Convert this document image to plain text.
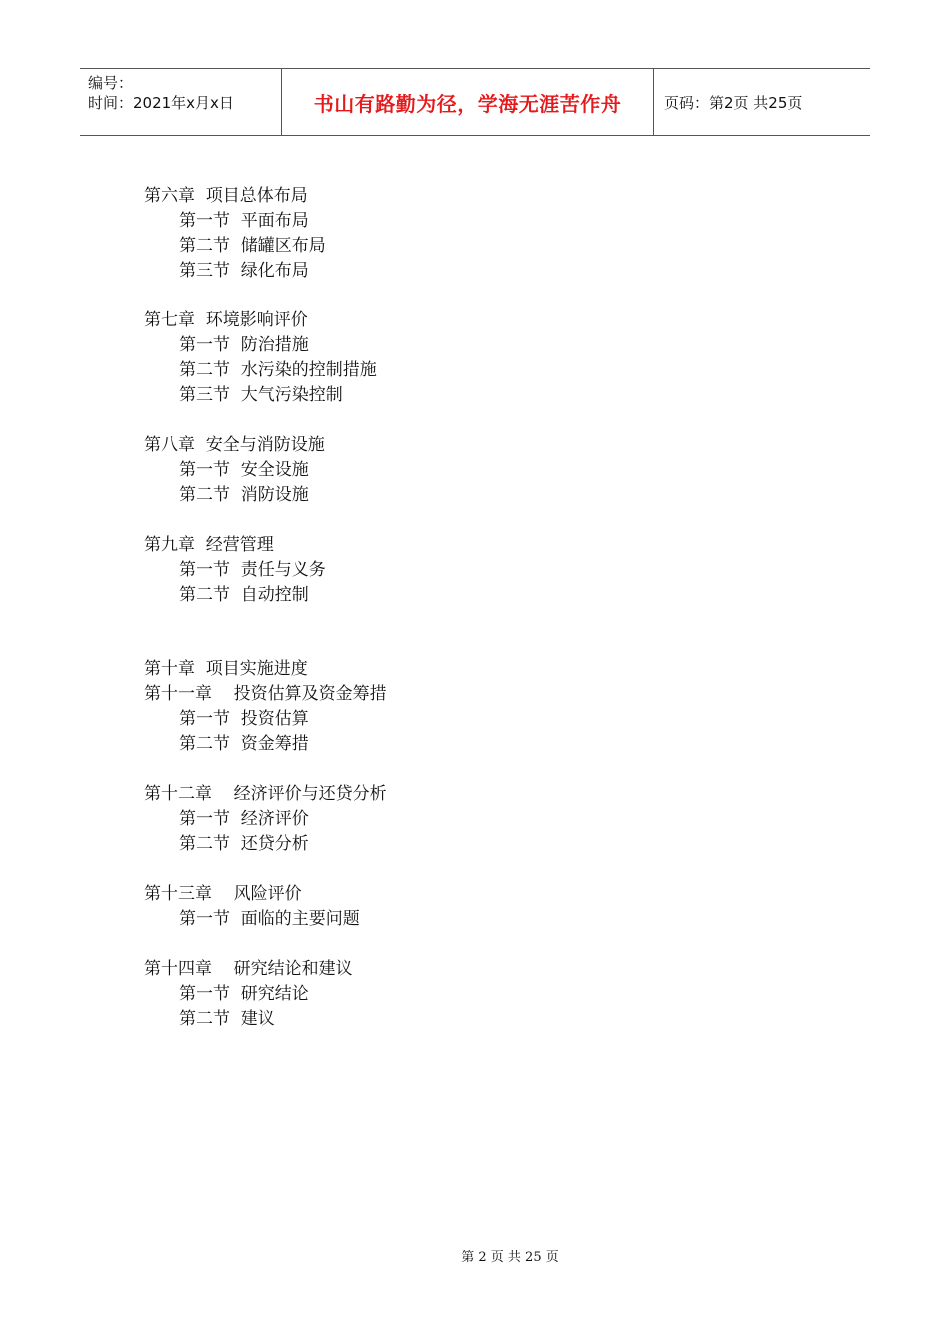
编号：
时间：2021年x月x日	书山有路勤为径，学海无涯苦作舟	页码：第2页 共25页
第六章  项目总体布局
第一节  平面布局
第二节  储罐区布局
第三节  绿化布局
第七章  环境影响评价
第一节  防治措施
第二节  水污染的控制措施
第三节  大气污染控制
第八章  安全与消防设施
第一节  安全设施
第二节  消防设施
第九章  经营管理
第一节  责任与义务
第二节  自动控制
第十章  项目实施进度
第十一章    投资估算及资金筹措
第一节  投资估算
第二节  资金筹措
第十二章    经济评价与还贷分析
第一节  经济评价
第二节  还贷分析
第十三章    风险评价
第一节  面临的主要问题
第十四章    研究结论和建议
第一节  研究结论
第二节  建议
第 2 页 共 25 页
